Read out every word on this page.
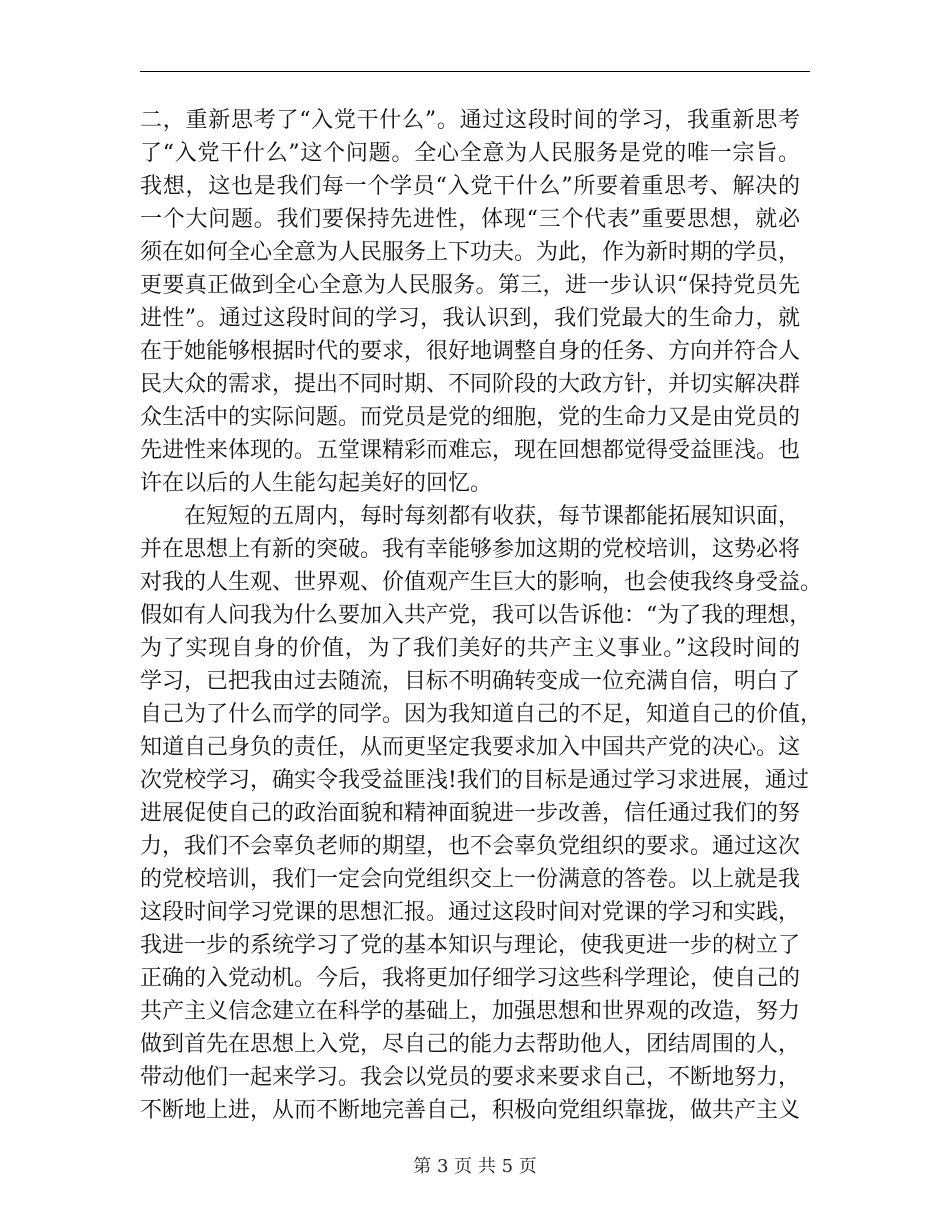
二，重新思考了“入党干什么”。通过这段时间的学习，我重新思考
了“入党干什么”这个问题。全心全意为人民服务是党的唯一宗旨。
我想，这也是我们每一个学员“入党干什么”所要着重思考、解决的
一个大问题。我们要保持先进性，体现“三个代表”重要思想，就必
须在如何全心全意为人民服务上下功夫。为此，作为新时期的学员，
更要真正做到全心全意为人民服务。第三，进一步认识“保持党员先
进性”。通过这段时间的学习，我认识到，我们党最大的生命力，就
在于她能够根据时代的要求，很好地调整自身的任务、方向并符合人
民大众的需求，提出不同时期、不同阶段的大政方针，并切实解决群
众生活中的实际问题。而党员是党的细胞，党的生命力又是由党员的
先进性来体现的。五堂课精彩而难忘，现在回想都觉得受益匪浅。也
许在以后的人生能勾起美好的回忆。
在短短的五周内，每时每刻都有收获，每节课都能拓展知识面，
并在思想上有新的突破。我有幸能够参加这期的党校培训，这势必将
对我的人生观、世界观、价值观产生巨大的影响，也会使我终身受益。
假如有人问我为什么要加入共产党，我可以告诉他：“为了我的理想，
为了实现自身的价值，为了我们美好的共产主义事业。”这段时间的
学习，已把我由过去随流，目标不明确转变成一位充满自信，明白了
自己为了什么而学的同学。因为我知道自己的不足，知道自己的价值，
知道自己身负的责任，从而更坚定我要求加入中国共产党的决心。这
次党校学习，确实令我受益匪浅!我们的目标是通过学习求进展，通过
进展促使自己的政治面貌和精神面貌进一步改善，信任通过我们的努
力，我们不会辜负老师的期望，也不会辜负党组织的要求。通过这次
的党校培训，我们一定会向党组织交上一份满意的答卷。以上就是我
这段时间学习党课的思想汇报。通过这段时间对党课的学习和实践，
我进一步的系统学习了党的基本知识与理论，使我更进一步的树立了
正确的入党动机。今后，我将更加仔细学习这些科学理论，使自己的
共产主义信念建立在科学的基础上，加强思想和世界观的改造，努力
做到首先在思想上入党，尽自己的能力去帮助他人，团结周围的人，
带动他们一起来学习。我会以党员的要求来要求自己，不断地努力，
不断地上进，从而不断地完善自己，积极向党组织靠拢，做共产主义
第 3 页 共 5 页
